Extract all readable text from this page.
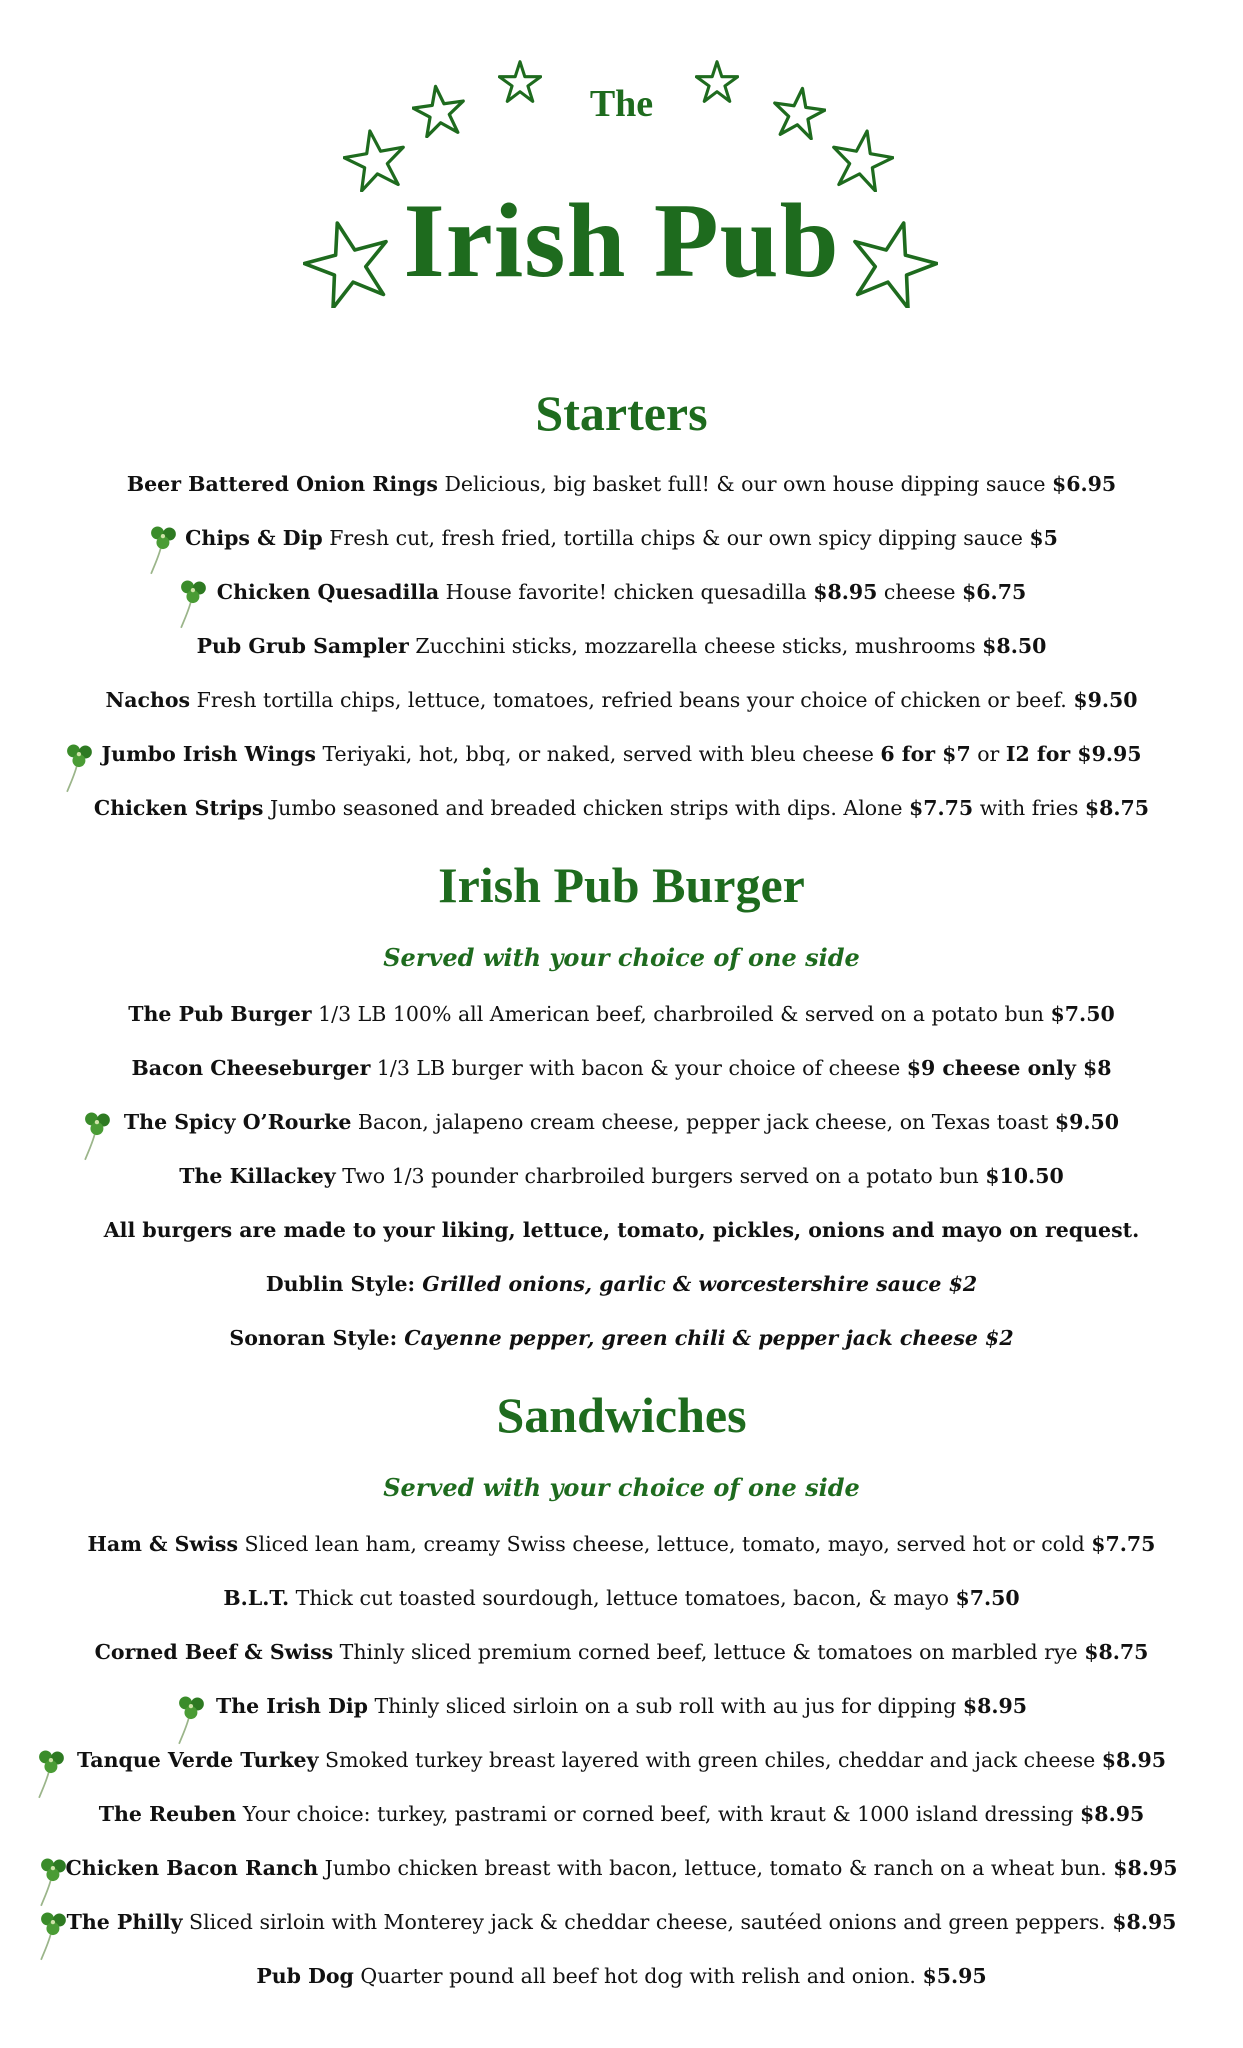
The
Irish Pub
Starters
Beer Battered Onion Rings Delicious, big basket full! & our own house dipping sauce $6.95
Chips & Dip Fresh cut, fresh fried, tortilla chips & our own spicy dipping sauce $5
Chicken Quesadilla House favorite! chicken quesadilla $8.95 cheese $6.75
Pub Grub Sampler Zucchini sticks, mozzarella cheese sticks, mushrooms $8.50
Nachos Fresh tortilla chips, lettuce, tomatoes, refried beans your choice of chicken or beef. $9.50
Jumbo Irish Wings Teriyaki, hot, bbq, or naked, served with bleu cheese 6 for $7 or I2 for $9.95
Chicken Strips Jumbo seasoned and breaded chicken strips with dips. Alone $7.75 with fries $8.75
Irish Pub Burger
Served with your choice of one side
The Pub Burger 1/3 LB 100% all American beef, charbroiled & served on a potato bun $7.50
Bacon Cheeseburger 1/3 LB burger with bacon & your choice of cheese $9 cheese only $8
The Spicy O’Rourke Bacon, jalapeno cream cheese, pepper jack cheese, on Texas toast $9.50
The Killackey Two 1/3 pounder charbroiled burgers served on a potato bun $10.50
All burgers are made to your liking, lettuce, tomato, pickles, onions and mayo on request.
Dublin Style: Grilled onions, garlic & worcestershire sauce $2
Sonoran Style: Cayenne pepper, green chili & pepper jack cheese $2
Sandwiches
Served with your choice of one side
Ham & Swiss Sliced lean ham, creamy Swiss cheese, lettuce, tomato, mayo, served hot or cold $7.75
B.L.T. Thick cut toasted sourdough, lettuce tomatoes, bacon, & mayo $7.50
Corned Beef & Swiss Thinly sliced premium corned beef, lettuce & tomatoes on marbled rye $8.75
The Irish Dip Thinly sliced sirloin on a sub roll with au jus for dipping $8.95
Tanque Verde Turkey Smoked turkey breast layered with green chiles, cheddar and jack cheese $8.95
The Reuben Your choice: turkey, pastrami or corned beef, with kraut & 1000 island dressing $8.95
Chicken Bacon Ranch Jumbo chicken breast with bacon, lettuce, tomato & ranch on a wheat bun. $8.95
The Philly Sliced sirloin with Monterey jack & cheddar cheese, sautéed onions and green peppers. $8.95
Pub Dog Quarter pound all beef hot dog with relish and onion. $5.95
